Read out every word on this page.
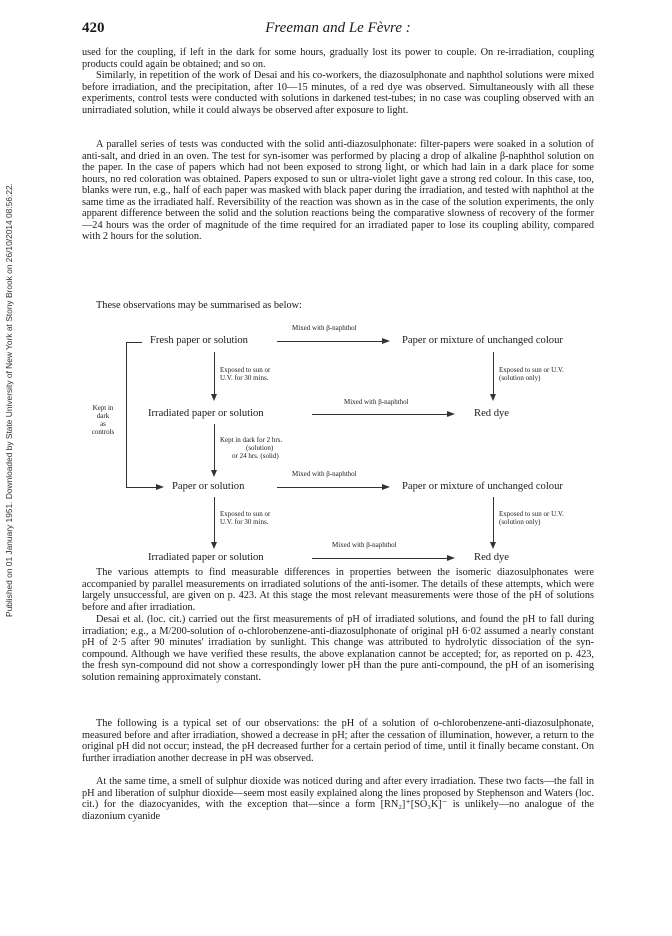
Published on 01 January 1951. Downloaded by State University of New York at Stony Brook on 26/10/2014 08:56:22.
420	Freeman and Le Fèvre :

used for the coupling, if left in the dark for some hours, gradually lost its power to couple. On re-irradiation, coupling products could again be obtained; and so on.

Similarly, in repetition of the work of Desai and his co-workers, the diazosulphonate and naphthol solutions were mixed before irradiation, and the precipitation, after 10—15 minutes, of a red dye was observed. Simultaneously with all these experiments, control tests were conducted with solutions in darkened test-tubes; in no case was coupling observed with an unirradiated solution, while it could always be observed after exposure to light.

A parallel series of tests was conducted with the solid anti-diazosulphonate: filter-papers were soaked in a solution of anti-salt, and dried in an oven. The test for syn-isomer was performed by placing a drop of alkaline β-naphthol solution on the paper. In the case of papers which had not been exposed to strong light, or which had lain in a dark place for some hours, no red coloration was obtained. Papers exposed to sun or ultra-violet light gave a strong red colour. In this case, too, blanks were run, e.g., half of each paper was masked with black paper during the irradiation, and tested with naphthol at the same time as the irradiated half. Reversibility of the reaction was shown as in the case of the solution experiments, the only apparent difference between the solid and the solution reactions being the comparative slowness of recovery of the former—24 hours was the order of magnitude of the time required for an irradiated paper to lose its coupling ability, compared with 2 hours for the solution.

These observations may be summarised as below:

Kept in
dark
as
controls
Fresh paper or solution
Mixed with β-naphthol
Paper or mixture of unchanged colour
Exposed to sun or
U.V. for 30 mins.
Exposed to sun or U.V.
(solution only)
Irradiated paper or solution
Mixed with β-naphthol
Red dye
Kept in dark for 2 hrs.
(solution)
or 24 hrs. (solid)
Paper or solution
Mixed with β-naphthol
Paper or mixture of unchanged colour
Exposed to sun or
U.V. for 30 mins.
Exposed to sun or U.V.
(solution only)
Irradiated paper or solution
Mixed with β-naphthol
Red dye

The various attempts to find measurable differences in properties between the isomeric diazosulphonates were accompanied by parallel measurements on irradiated solutions of the anti-isomer. The details of these attempts, which were largely unsuccessful, are given on p. 423. At this stage the most relevant measurements were those of the pH of solutions before and after irradiation.

Desai et al. (loc. cit.) carried out the first measurements of pH of irradiated solutions, and found the pH to fall during irradiation; e.g., a M/200-solution of o-chlorobenzene-anti-diazosulphonate of original pH 6·02 assumed a nearly constant pH of 2·5 after 90 minutes' irradiation by sunlight. This change was attributed to hydrolytic dissociation of the syn-compound. Although we have verified these results, the above explanation cannot be accepted; for, as reported on p. 423, the fresh syn-compound did not show a correspondingly lower pH than the pure anti-compound, the pH of an isomerising solution remaining approximately constant.

The following is a typical set of our observations: the pH of a solution of o-chlorobenzene-anti-diazosulphonate, measured before and after irradiation, showed a decrease in pH; after the cessation of illumination, however, a return to the original pH did not occur; instead, the pH decreased further for a certain period of time, until it finally became constant. On further irradiation another decrease in pH was observed.

At the same time, a smell of sulphur dioxide was noticed during and after every irradiation. These two facts—the fall in pH and liberation of sulphur dioxide—seem most easily explained along the lines proposed by Stephenson and Waters (loc. cit.) for the diazocyanides, with the exception that—since a form [RN₂]⁺[SO₃K]⁻ is unlikely—no analogue of the diazonium cyanide
